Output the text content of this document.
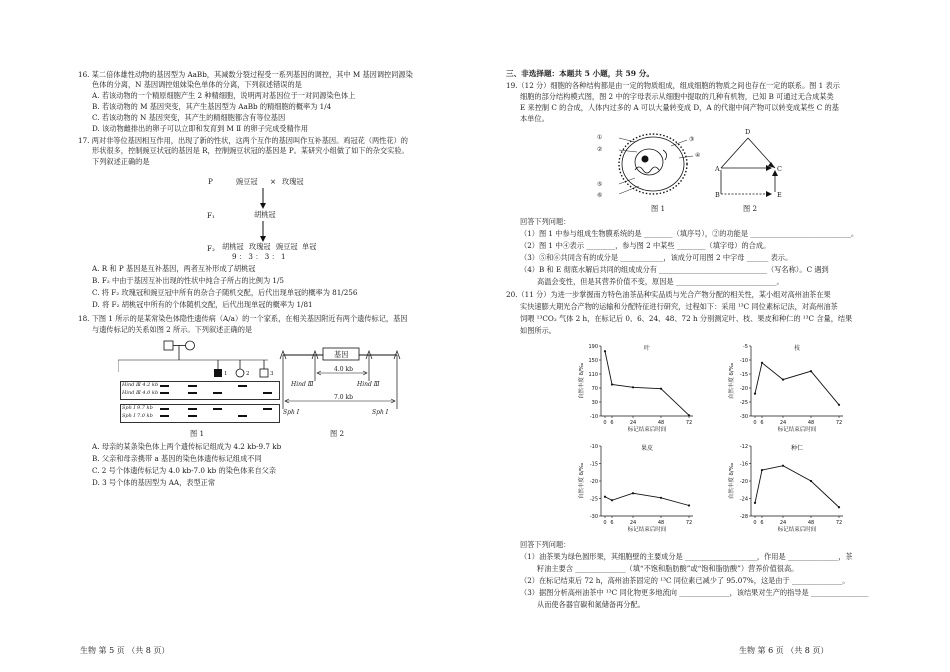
16. 某二倍体雄性动物的基因型为 AaBb，其减数分裂过程受一系列基因的调控，其中 M 基因调控同源染
色体的分离，N 基因调控姐妹染色单体的分离，下列叙述错误的是
A. 若该动物的一个精原细胞产生 2 种精细胞，说明两对基因位于一对同源染色体上
B. 若该动物的 M 基因突变，其产生基因型为 AaBb 的精细胞的概率为 1/4
C. 若该动物的 N 基因突变，其产生的精细胞都含有等位基因
D. 该动物雌排出的卵子可以立即和发育到 M Ⅱ 的卵子完成受精作用
17. 两对非等位基因相互作用，出现了新的性状，这两个互作的基因叫作互补基因。鸡冠花（两性花）的
形状很多，控制豌豆状冠的基因是 R，控制豌豆状冠的基因是 P。某研究小组做了如下的杂交实验。
下列叙述正确的是
P	豌豆冠 × 玫瑰冠
F₁	胡桃冠
F₂ 胡桃冠 玫瑰冠 豌豆冠 单冠
9 ： 3 ： 3 ： 1
A. R 和 P 基因是互补基因，两者互补形成了胡桃冠
B. F₂ 中由于基因互补出现的性状中纯合子所占的比例为 1/5
C. 将 F₂ 玫瑰冠和豌豆冠中所有的杂合子随机交配，后代出现单冠的概率为 81/256
D. 将 F₂ 胡桃冠中所有的个体随机交配，后代出现单冠的概率为 1/81
18. 下图 1 所示的是某常染色体隐性遗传病（A/a）的一个家系，在相关基因附近有两个遗传标记，基因
与遗传标记的关系如图 2 所示。下列叙述正确的是
1	2	3
Hind Ⅲ 4.2 kb
Hind Ⅲ 4.0 kb
Sph Ⅰ 9.7 kb
Sph Ⅰ 7.0 kb
图 1
基因
4.0 kb
Hind Ⅲ	Hind Ⅲ
7.0 kb
Sph Ⅰ	Sph Ⅰ
图 2
A. 母亲的某条染色体上两个遗传标记组成为 4.2 kb-9.7 kb
B. 父亲和母亲携带 a 基因的染色体遗传标记组成不同
C. 2 号个体遗传标记为 4.0 kb-7.0 kb 的染色体来自父亲
D. 3 号个体的基因型为 AA，表型正常
生物 第 5 页 （共 8 页）
三、非选择题：本题共 5 小题，共 59 分。
19.（12 分）细胞的各种结构都是由一定的物质组成，组成细胞的物质之间也存在一定的联系。图 1 表示
细胞的部分结构模式图，图 2 中的字母表示从细胞中提取的几种有机物，已知 B 可通过无合成某类
E 来控制 C 的合成，人体内过多的 A 可以大量转变成 D，A 的代谢中间产物可以转变成某些 C 的基
本单位。
①
②
③
④
⑤
⑥
图 1
D
A	C
B	E
图 2
回答下列问题：
（1）图 1 中参与组成生物膜系统的是 ________（填序号），②的功能是 ____________________________。
（2）图 1 中④表示 ________，参与图 2 中某些 ________（填字母）的合成。
（3）⑤和⑥共同含有的成分是 ____________，该成分可用图 2 中字母 ______ 表示。
（4）B 和 E 彻底水解后共同的组成成分有 ______________________________（写名称）。C 遇到
高温会变性，但是其营养价值不变，原因是 ____________________________。
20.（11 分）为进一步掌握南方特色油茶品种实品质与光合产物分配的相关性，某小组对高州油茶在果
实快速膨大期光合产物的运输和分配特征进行研究，过程如下：采用 ¹³C 同位素标记法，对高州油茶
饲喂 ¹³CO₂ 气体 2 h，在标记后 0、6、24、48、72 h 分别测定叶、枝、果皮和种仁的 ¹³C 含量，结果
如图所示。
叶
190
150
110
70
30
-10
0 6	24	48	72
标记结束后时间
自然丰度 δ/‰
枝
-5
-10
-15
-20
-25
-30
0 6	24	48	72
标记结束后时间
自然丰度 δ/‰
果皮
-10
-15
-20
-25
-30
0 6	24	48	72
标记结束后时间
自然丰度 δ/‰
种仁
-12
-16
-20
-24
-28
0 6	24	48	72
标记结束后时间
自然丰度 δ/‰
回答下列问题：
（1）油茶果为绿色圆形果，其细胞壁的主要成分是 ____________________，作用是 ______________，茶
籽油主要含 ______________（填“不饱和脂肪酸”或“饱和脂肪酸”）营养价值很高。
（2）在标记结束后 72 h，高州油茶固定的 ¹³C 同位素已减少了 95.07%，这是由于 ______________。
（3）据图分析高州油茶中 ¹³C 同化物更多地流向 ______________，该结果对生产的指导是 ________________
从而使各器官碳和氮储备再分配。
生物 第 6 页 （共 8 页）
